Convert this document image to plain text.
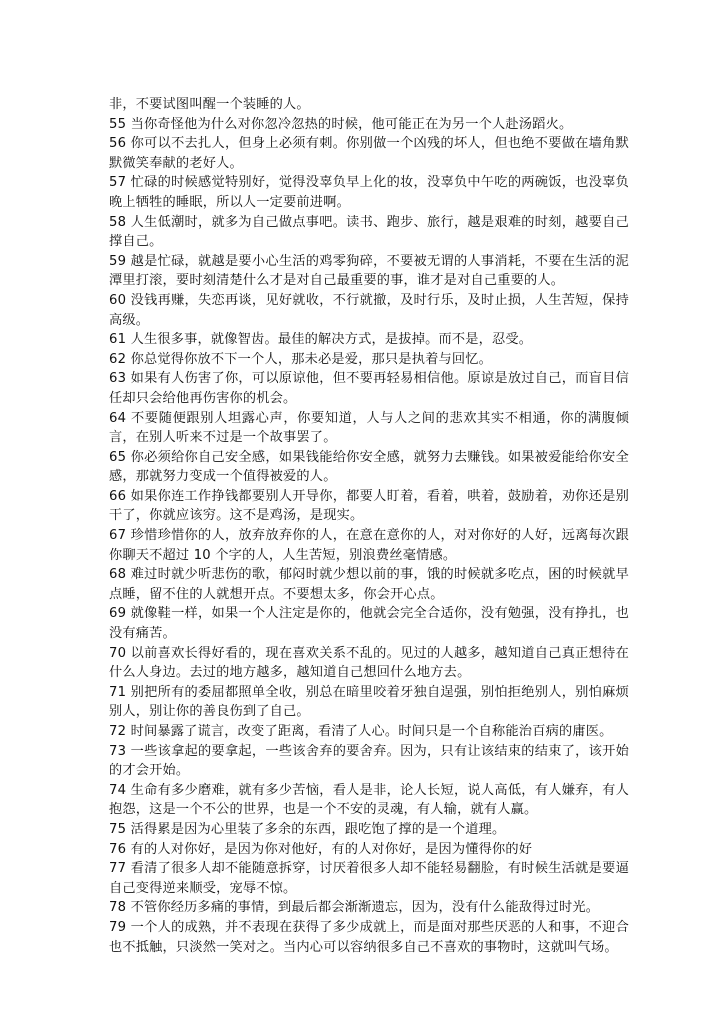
非，不要试图叫醒一个装睡的人。

55 当你奇怪他为什么对你忽冷忽热的时候，他可能正在为另一个人赴汤蹈火。

56 你可以不去扎人，但身上必须有刺。你别做一个凶残的坏人，但也绝不要做在墙角默默微笑奉献的老好人。

57 忙碌的时候感觉特别好，觉得没辜负早上化的妆，没辜负中午吃的两碗饭，也没辜负晚上牺牲的睡眠，所以人一定要前进啊。

58 人生低潮时，就多为自己做点事吧。读书、跑步、旅行，越是艰难的时刻，越要自己撑自己。

59 越是忙碌，就越是要小心生活的鸡零狗碎，不要被无谓的人事消耗，不要在生活的泥潭里打滚，要时刻清楚什么才是对自己最重要的事，谁才是对自己重要的人。

60 没钱再赚，失恋再谈，见好就收，不行就撤，及时行乐，及时止损，人生苦短，保持高级。

61 人生很多事，就像智齿。最佳的解决方式，是拔掉。而不是，忍受。

62 你总觉得你放不下一个人，那未必是爱，那只是执着与回忆。

63 如果有人伤害了你，可以原谅他，但不要再轻易相信他。原谅是放过自己，而盲目信任却只会给他再伤害你的机会。

64 不要随便跟别人坦露心声，你要知道，人与人之间的悲欢其实不相通，你的满腹倾言，在别人听来不过是一个故事罢了。

65 你必须给你自己安全感，如果钱能给你安全感，就努力去赚钱。如果被爱能给你安全感，那就努力变成一个值得被爱的人。

66 如果你连工作挣钱都要别人开导你，都要人盯着，看着，哄着，鼓励着，劝你还是别干了，你就应该穷。这不是鸡汤，是现实。

67 珍惜珍惜你的人，放弃放弃你的人，在意在意你的人，对对你好的人好，远离每次跟你聊天不超过 10 个字的人，人生苦短，别浪费丝毫情感。

68 难过时就少听悲伤的歌，郁闷时就少想以前的事，饿的时候就多吃点，困的时候就早点睡，留不住的人就想开点。不要想太多，你会开心点。

69 就像鞋一样，如果一个人注定是你的，他就会完全合适你，没有勉强，没有挣扎，也没有痛苦。

70 以前喜欢长得好看的，现在喜欢关系不乱的。见过的人越多，越知道自己真正想待在什么人身边。去过的地方越多，越知道自己想回什么地方去。

71 别把所有的委屈都照单全收，别总在暗里咬着牙独自逞强，别怕拒绝别人，别怕麻烦别人，别让你的善良伤到了自己。

72 时间暴露了谎言，改变了距离，看清了人心。时间只是一个自称能治百病的庸医。

73 一些该拿起的要拿起，一些该舍弃的要舍弃。因为，只有让该结束的结束了，该开始的才会开始。

74 生命有多少磨难，就有多少苦恼，看人是非，论人长短，说人高低，有人嫌弃，有人抱怨，这是一个不公的世界，也是一个不安的灵魂，有人输，就有人赢。

75 活得累是因为心里装了多余的东西，跟吃饱了撑的是一个道理。

76 有的人对你好，是因为你对他好，有的人对你好，是因为懂得你的好

77 看清了很多人却不能随意拆穿，讨厌着很多人却不能轻易翻脸，有时候生活就是要逼自己变得逆来顺受，宠辱不惊。

78 不管你经历多痛的事情，到最后都会渐渐遗忘，因为，没有什么能敌得过时光。

79 一个人的成熟，并不表现在获得了多少成就上，而是面对那些厌恶的人和事，不迎合也不抵触，只淡然一笑对之。当内心可以容纳很多自己不喜欢的事物时，这就叫气场。
